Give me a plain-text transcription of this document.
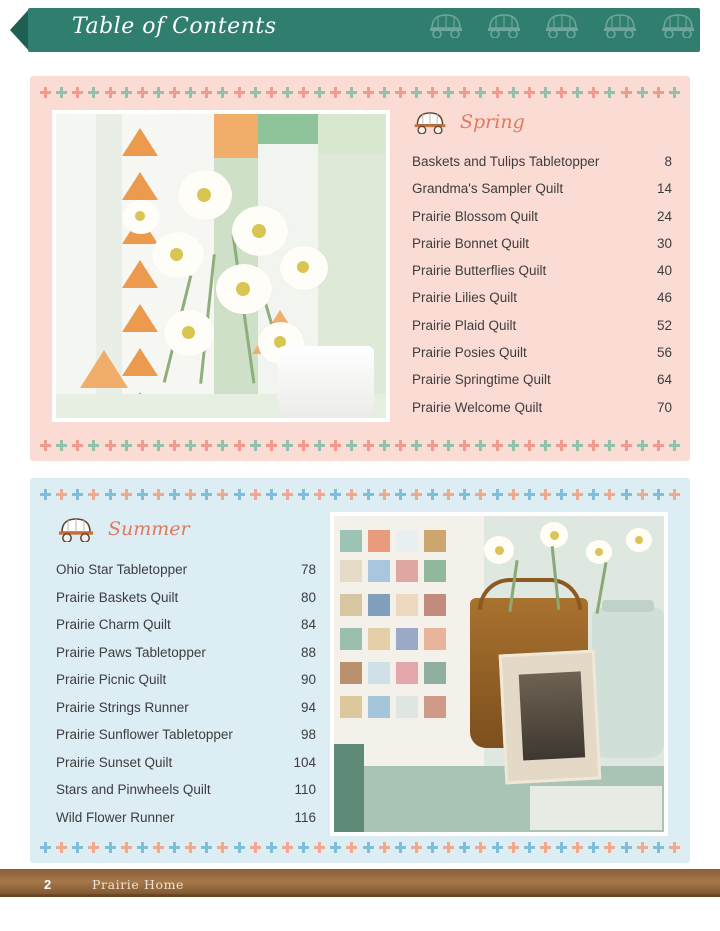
Table of Contents
Spring
Baskets and Tulips Tabletopper	8
Grandma's Sampler Quilt	14
Prairie Blossom Quilt	24
Prairie Bonnet Quilt	30
Prairie Butterflies Quilt	40
Prairie Lilies Quilt	46
Prairie Plaid Quilt	52
Prairie Posies Quilt	56
Prairie Springtime Quilt	64
Prairie Welcome Quilt	70
Summer
Ohio Star Tabletopper	78
Prairie Baskets Quilt	80
Prairie Charm Quilt	84
Prairie Paws Tabletopper	88
Prairie Picnic Quilt	90
Prairie Strings Runner	94
Prairie Sunflower Tabletopper	98
Prairie Sunset Quilt	104
Stars and Pinwheels Quilt	110
Wild Flower Runner	116
2	Prairie Home
